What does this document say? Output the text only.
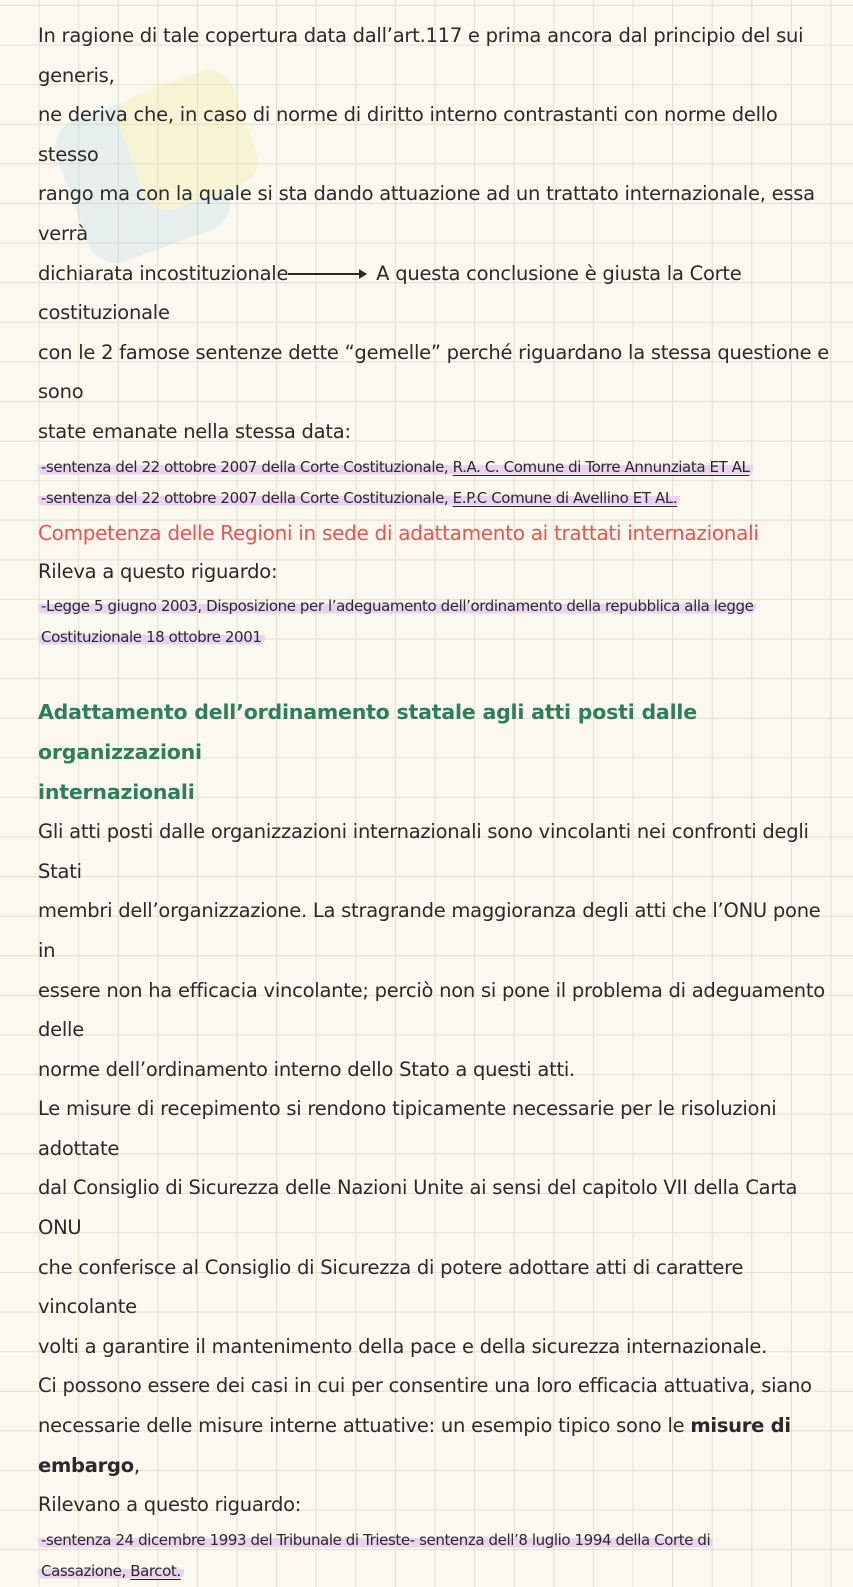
In ragione di tale copertura data dall’art.117 e prima ancora dal principio del sui generis,

ne deriva che, in caso di norme di diritto interno contrastanti con norme dello stesso

rango ma con la quale si sta dando attuazione ad un trattato internazionale, essa verrà

dichiarata incostituzionale	A questa conclusione è giusta la Corte costituzionale

con le 2 famose sentenze dette “gemelle” perché riguardano la stessa questione e sono

state emanate nella stessa data:

-sentenza del 22 ottobre 2007 della Corte Costituzionale, R.A. C. Comune di Torre Annunziata ET AL

-sentenza del 22 ottobre 2007 della Corte Costituzionale, E.P.C Comune di Avellino ET AL.

Competenza delle Regioni in sede di adattamento ai trattati internazionali

Rileva a questo riguardo:

-Legge 5 giugno 2003, Disposizione per l’adeguamento dell’ordinamento della repubblica alla legge

Costituzionale 18 ottobre 2001

Adattamento dell’ordinamento statale agli atti posti dalle organizzazioni

internazionali

Gli atti posti dalle organizzazioni internazionali sono vincolanti nei confronti degli Stati

membri dell’organizzazione. La stragrande maggioranza degli atti che l’ONU pone in

essere non ha efficacia vincolante; perciò non si pone il problema di adeguamento delle

norme dell’ordinamento interno dello Stato a questi atti.

Le misure di recepimento si rendono tipicamente necessarie per le risoluzioni adottate

dal Consiglio di Sicurezza delle Nazioni Unite ai sensi del capitolo VII della Carta ONU

che conferisce al Consiglio di Sicurezza di potere adottare atti di carattere vincolante

volti a garantire il mantenimento della pace e della sicurezza internazionale.

Ci possono essere dei casi in cui per consentire una loro efficacia attuativa, siano

necessarie delle misure interne attuative: un esempio tipico sono le misure di embargo,

Rilevano a questo riguardo:

-sentenza 24 dicembre 1993 del Tribunale di Trieste- sentenza dell’8 luglio 1994 della Corte di

Cassazione, Barcot.
